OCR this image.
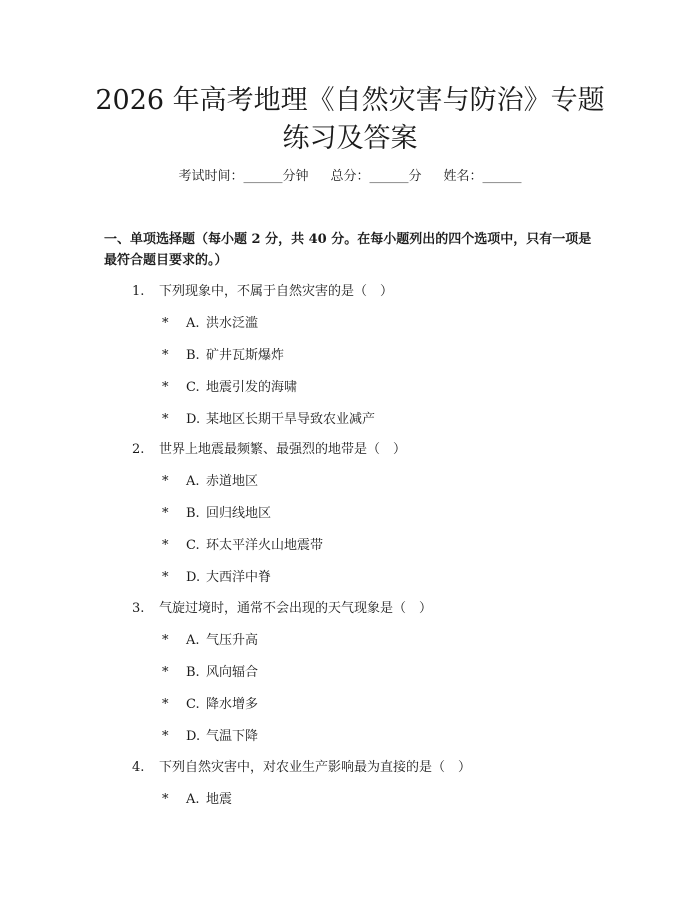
2026 年高考地理《自然灾害与防治》专题练习及答案
考试时间：______分钟 总分：______分 姓名：______

一、单项选择题（每小题 2 分，共 40 分。在每小题列出的四个选项中，只有一项是最符合题目要求的。）

1. 下列现象中，不属于自然灾害的是（　）
* A. 洪水泛滥
* B. 矿井瓦斯爆炸
* C. 地震引发的海啸
* D. 某地区长期干旱导致农业减产
2. 世界上地震最频繁、最强烈的地带是（　）
* A. 赤道地区
* B. 回归线地区
* C. 环太平洋火山地震带
* D. 大西洋中脊
3. 气旋过境时，通常不会出现的天气现象是（　）
* A. 气压升高
* B. 风向辐合
* C. 降水增多
* D. 气温下降
4. 下列自然灾害中，对农业生产影响最为直接的是（　）
* A. 地震
